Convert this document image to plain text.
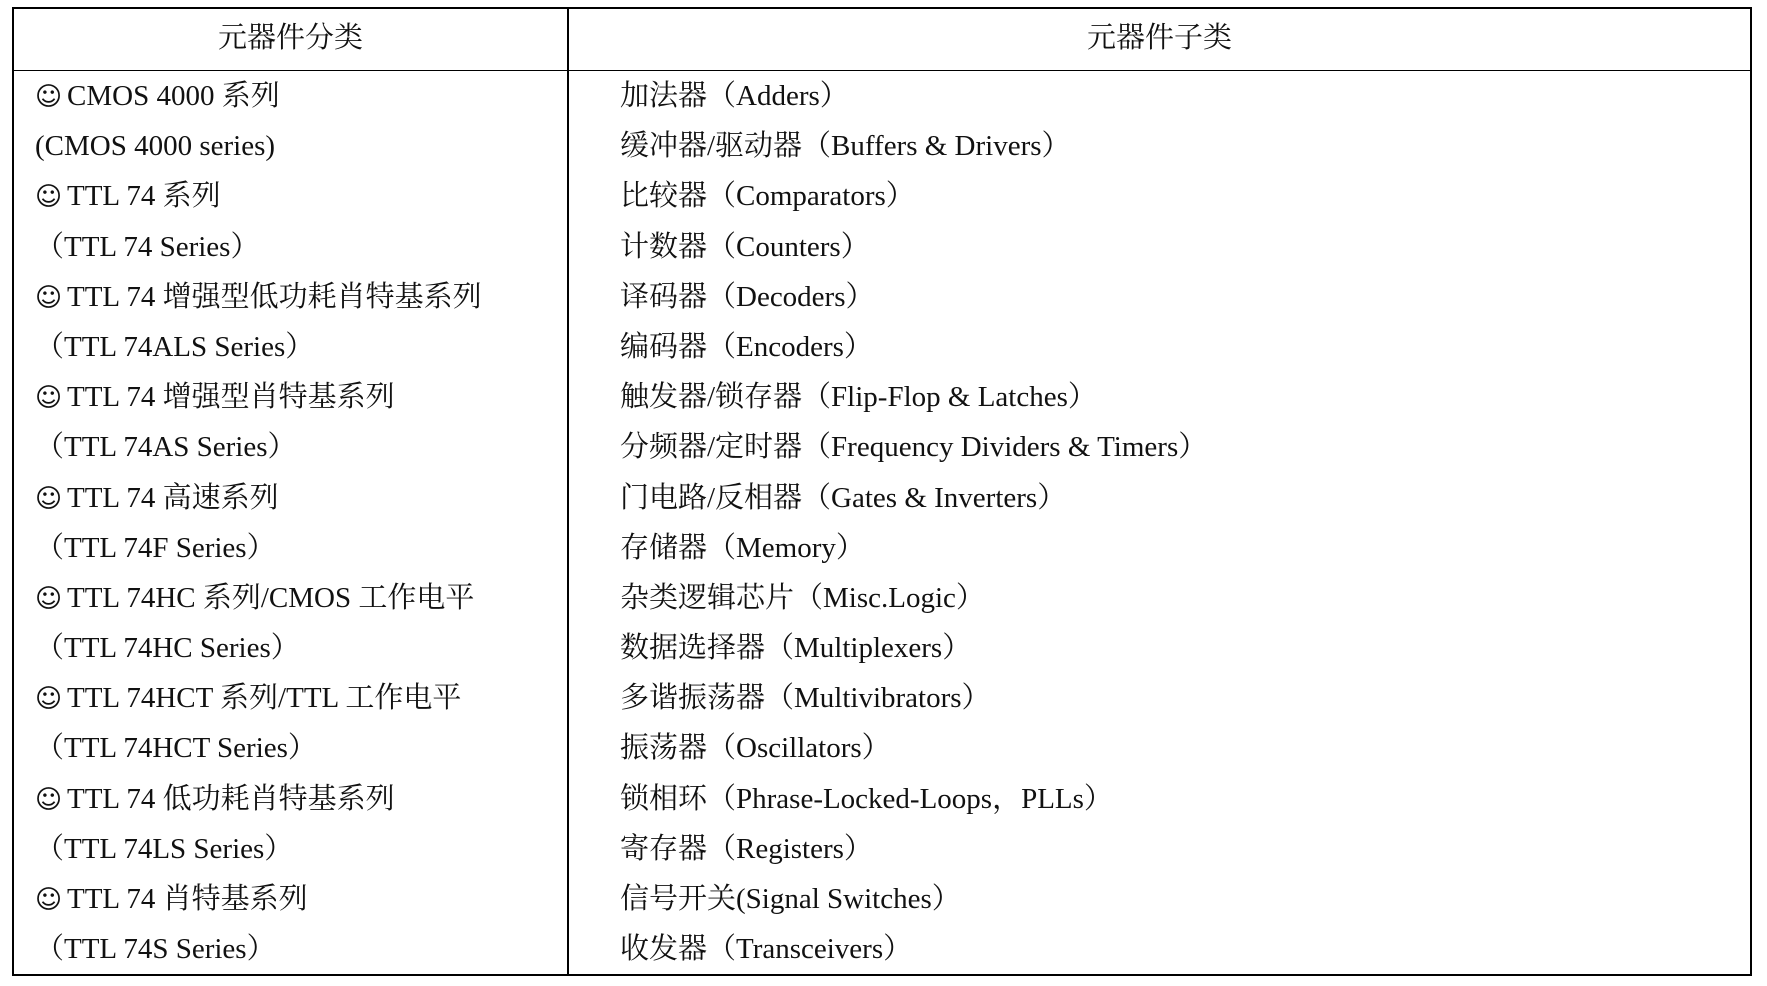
元器件分类	元器件子类
☺ CMOS 4000 系列
(CMOS 4000 series)
☺ TTL 74 系列
（TTL 74 Series）
☺ TTL 74 增强型低功耗肖特基系列
（TTL 74ALS Series）
☺ TTL 74 增强型肖特基系列
（TTL 74AS Series）
☺ TTL 74 高速系列
（TTL 74F Series）
☺ TTL 74HC 系列/CMOS 工作电平
（TTL 74HC Series）
☺ TTL 74HCT 系列/TTL 工作电平
（TTL 74HCT Series）
☺ TTL 74 低功耗肖特基系列
（TTL 74LS Series）
☺ TTL 74 肖特基系列
（TTL 74S Series）
加法器（Adders）
缓冲器/驱动器（Buffers & Drivers）
比较器（Comparators）
计数器（Counters）
译码器（Decoders）
编码器（Encoders）
触发器/锁存器（Flip-Flop & Latches）
分频器/定时器（Frequency Dividers & Timers）
门电路/反相器（Gates & Inverters）
存储器（Memory）
杂类逻辑芯片（Misc.Logic）
数据选择器（Multiplexers）
多谐振荡器（Multivibrators）
振荡器（Oscillators）
锁相环（Phrase-Locked-Loops，PLLs）
寄存器（Registers）
信号开关(Signal Switches）
收发器（Transceivers）
